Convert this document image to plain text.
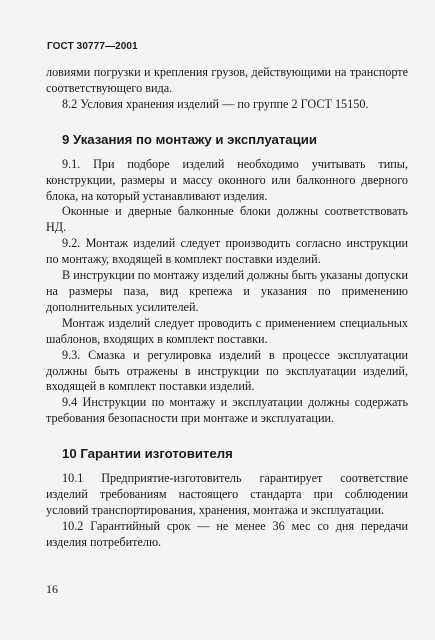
ГОСТ 30777—2001

ловиями погрузки и крепления грузов, действующими на транспорте соответствующего вида.

8.2 Условия хранения изделий — по группе 2 ГОСТ 15150.

9 Указания по монтажу и эксплуатации

9.1. При подборе изделий необходимо учитывать типы, конструкции, размеры и массу оконного или балконного дверного блока, на который устанавливают изделия.

Оконные и дверные балконные блоки должны соответствовать НД.

9.2. Монтаж изделий следует производить согласно инструкции по монтажу, входящей в комплект поставки изделий.

В инструкции по монтажу изделий должны быть указаны допуски на размеры паза, вид крепежа и указания по применению дополнительных усилителей.

Монтаж изделий следует проводить с применением специальных шаблонов, входящих в комплект поставки.

9.3. Смазка и регулировка изделий в процессе эксплуатации должны быть отражены в инструкции по эксплуатации изделий, входящей в комплект поставки изделий.

9.4 Инструкции по монтажу и эксплуатации должны содержать требования безопасности при монтаже и эксплуатации.

10 Гарантии изготовителя

10.1 Предприятие-изготовитель гарантирует соответствие изделий требованиям настоящего стандарта при соблюдении условий транспортирования, хранения, монтажа и эксплуатации.

10.2 Гарантийный срок — не менее 36 мес со дня передачи изделия потребителю.

16
